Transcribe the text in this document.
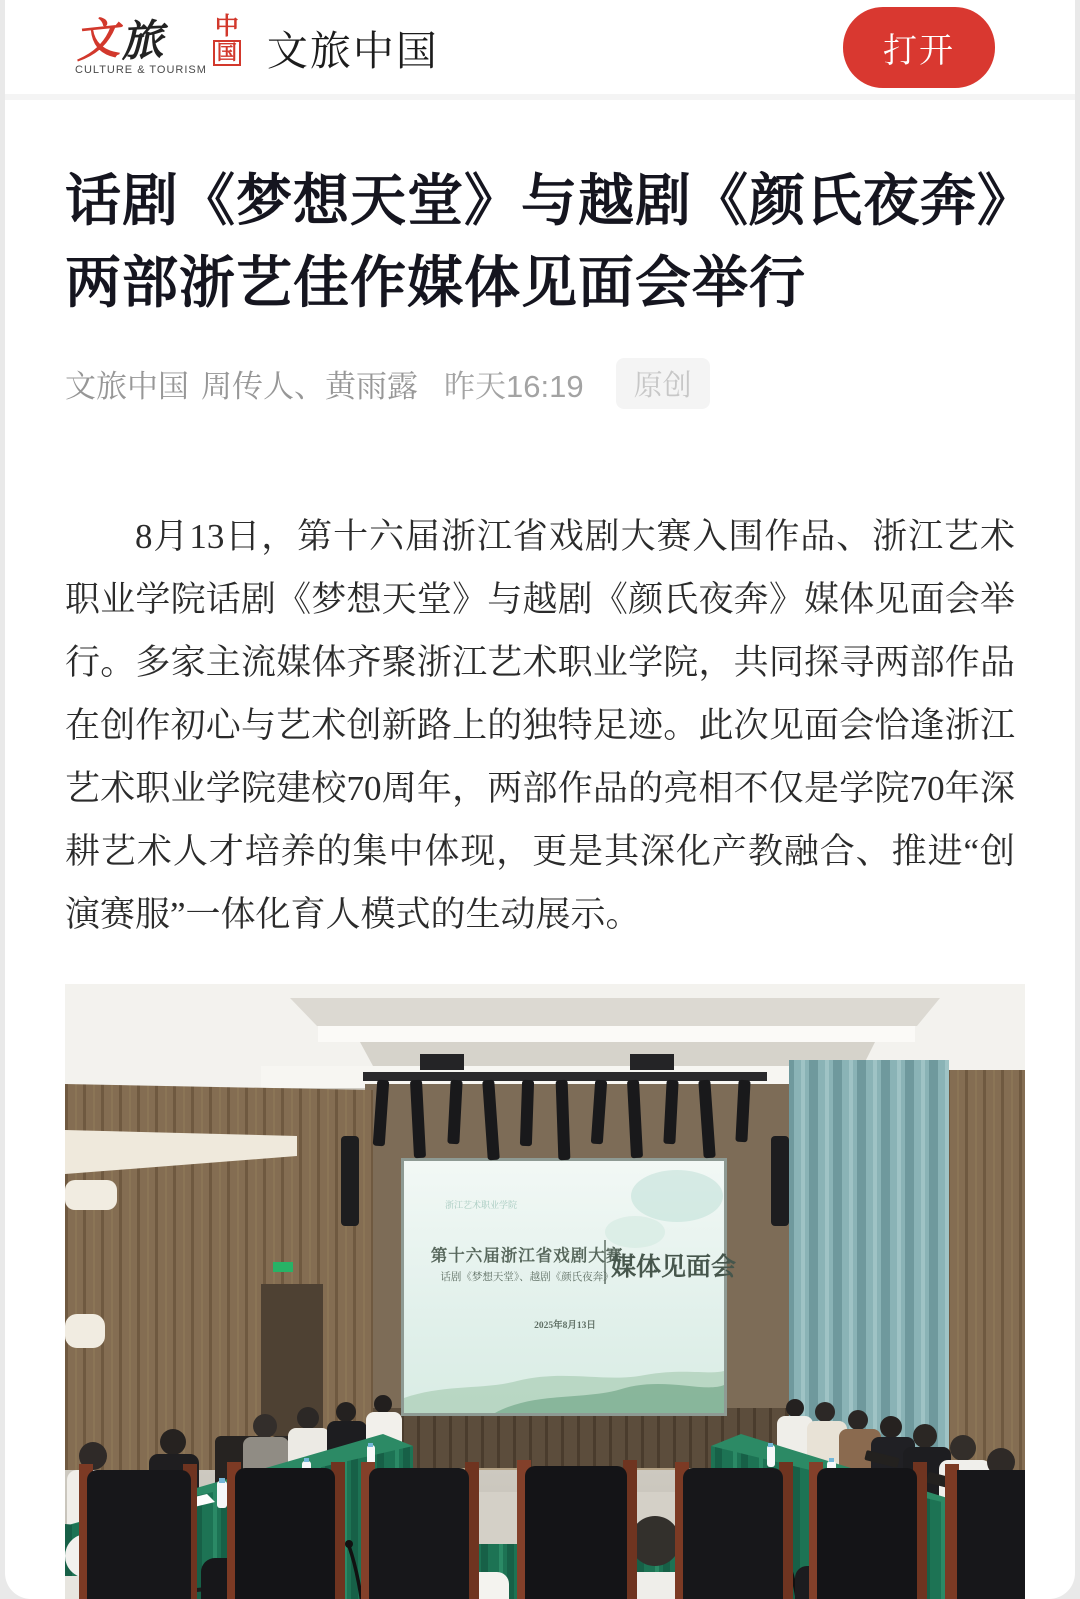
文
旅
CULTURE & TOURISM
中
国 文旅中国	打开
话剧《梦想天堂》与越剧《颜氏夜奔》两部浙艺佳作媒体见面会举行
文旅中国 周传人、黄雨露 昨天16:19	原创

8月13日，第十六届浙江省戏剧大赛入围作品、浙江艺术职业学院话剧《梦想天堂》与越剧《颜氏夜奔》媒体见面会举行。多家主流媒体齐聚浙江艺术职业学院，共同探寻两部作品在创作初心与艺术创新路上的独特足迹。此次见面会恰逢浙江艺术职业学院建校70周年，两部作品的亮相不仅是学院70年深耕艺术人才培养的集中体现，更是其深化产教融合、推进“创演赛服”一体化育人模式的生动展示。

浙江艺术职业学院
第十六届浙江省戏剧大赛
话剧《梦想天堂》、越剧《颜氏夜奔》
媒体见面会
2025年8月13日
